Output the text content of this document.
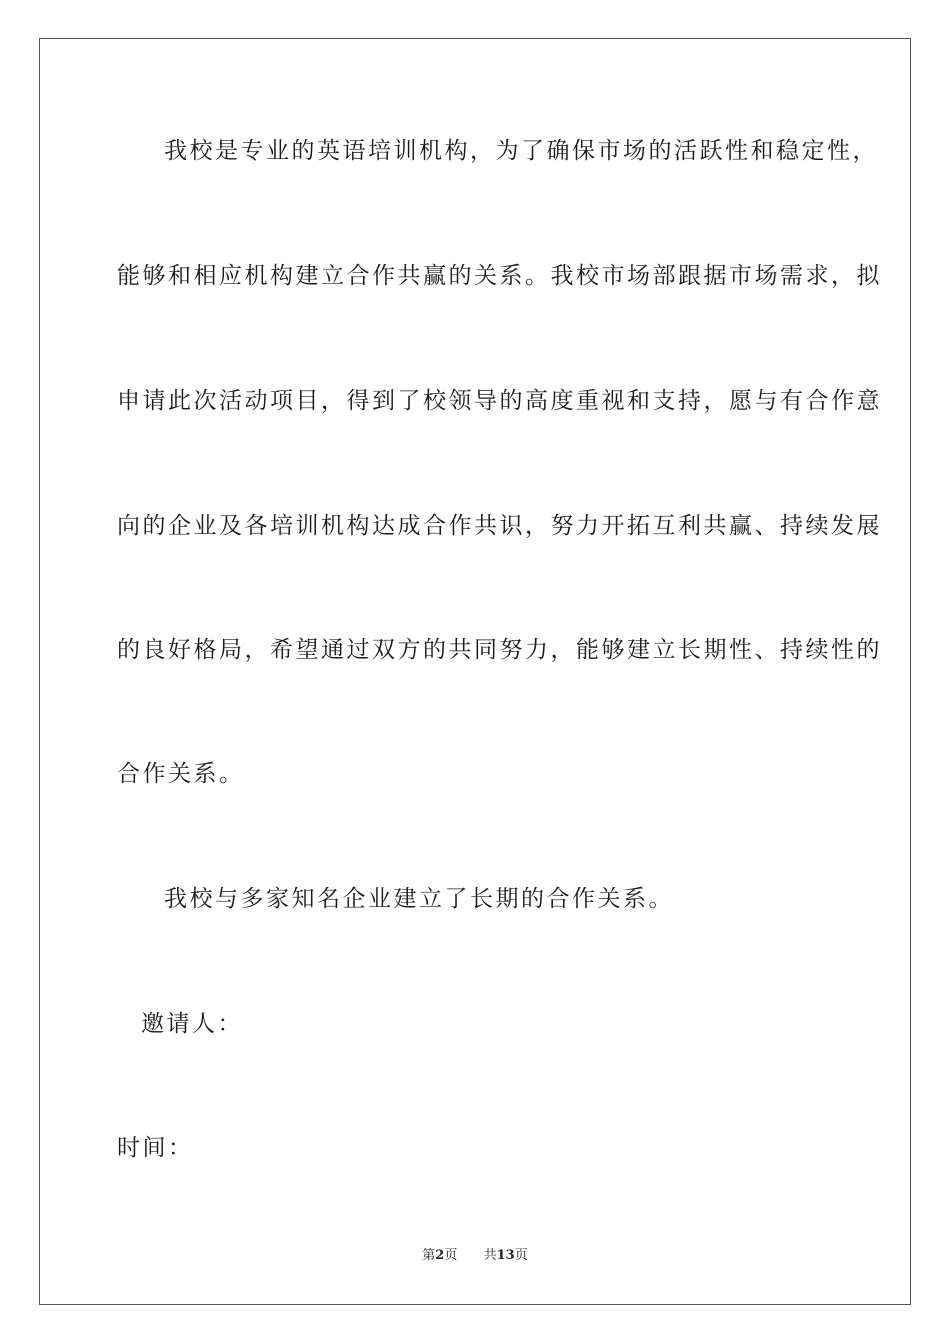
我校是专业的英语培训机构，为了确保市场的活跃性和稳定性，
能够和相应机构建立合作共赢的关系。我校市场部跟据市场需求，拟
申请此次活动项目，得到了校领导的高度重视和支持，愿与有合作意
向的企业及各培训机构达成合作共识，努力开拓互利共赢、持续发展
的良好格局，希望通过双方的共同努力，能够建立长期性、持续性的
合作关系。
我校与多家知名企业建立了长期的合作关系。
邀请人：
时间：
第2页 共13页
